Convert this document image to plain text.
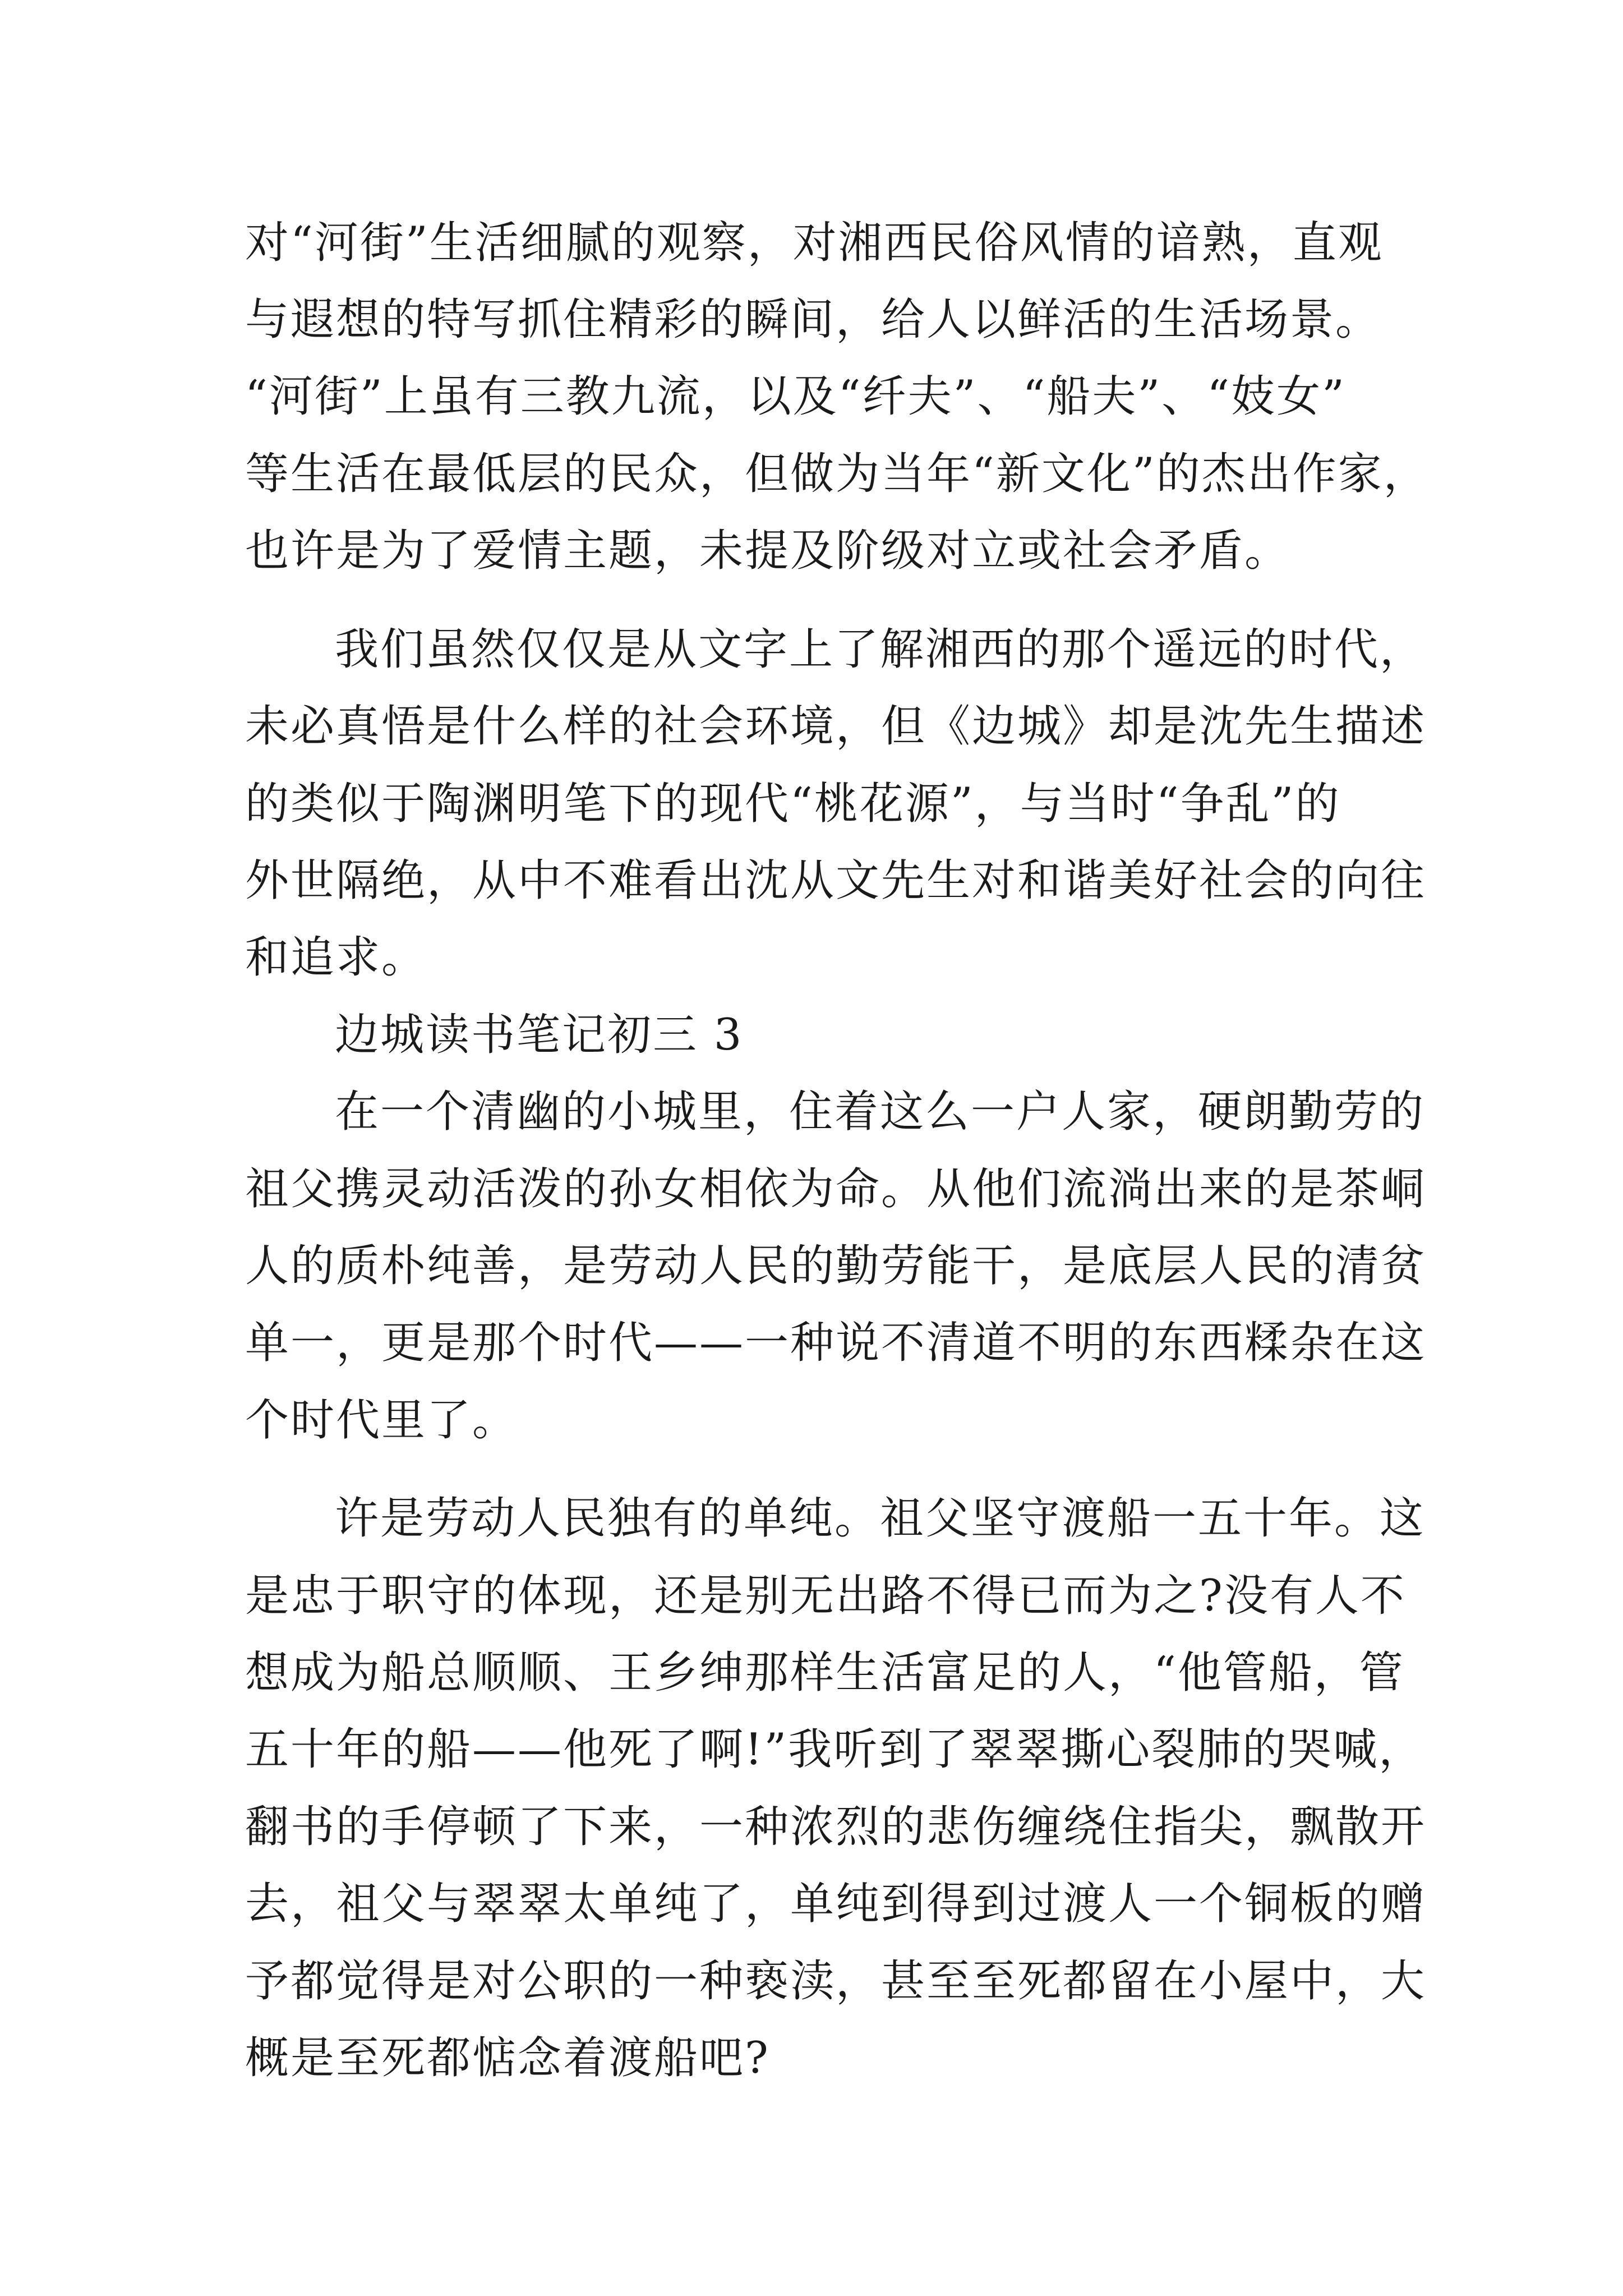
对“河街”生活细腻的观察，对湘西民俗风情的谙熟，直观
与遐想的特写抓住精彩的瞬间，给人以鲜活的生活场景。
“河街”上虽有三教九流，以及“纤夫”、“船夫”、“妓女”
等生活在最低层的民众，但做为当年“新文化”的杰出作家，
也许是为了爱情主题，未提及阶级对立或社会矛盾。
我们虽然仅仅是从文字上了解湘西的那个遥远的时代，
未必真悟是什么样的社会环境，但《边城》却是沈先生描述
的类似于陶渊明笔下的现代“桃花源”，与当时“争乱”的
外世隔绝，从中不难看出沈从文先生对和谐美好社会的向往
和追求。
边城读书笔记初三 3
在一个清幽的小城里，住着这么一户人家，硬朗勤劳的
祖父携灵动活泼的孙女相依为命。从他们流淌出来的是茶峒
人的质朴纯善，是劳动人民的勤劳能干，是底层人民的清贫
单一，更是那个时代——一种说不清道不明的东西糅杂在这
个时代里了。
许是劳动人民独有的单纯。祖父坚守渡船一五十年。这
是忠于职守的体现，还是别无出路不得已而为之?没有人不
想成为船总顺顺、王乡绅那样生活富足的人，“他管船，管
五十年的船——他死了啊!”我听到了翠翠撕心裂肺的哭喊，
翻书的手停顿了下来，一种浓烈的悲伤缠绕住指尖，飘散开
去，祖父与翠翠太单纯了，单纯到得到过渡人一个铜板的赠
予都觉得是对公职的一种亵渎，甚至至死都留在小屋中，大
概是至死都惦念着渡船吧?
